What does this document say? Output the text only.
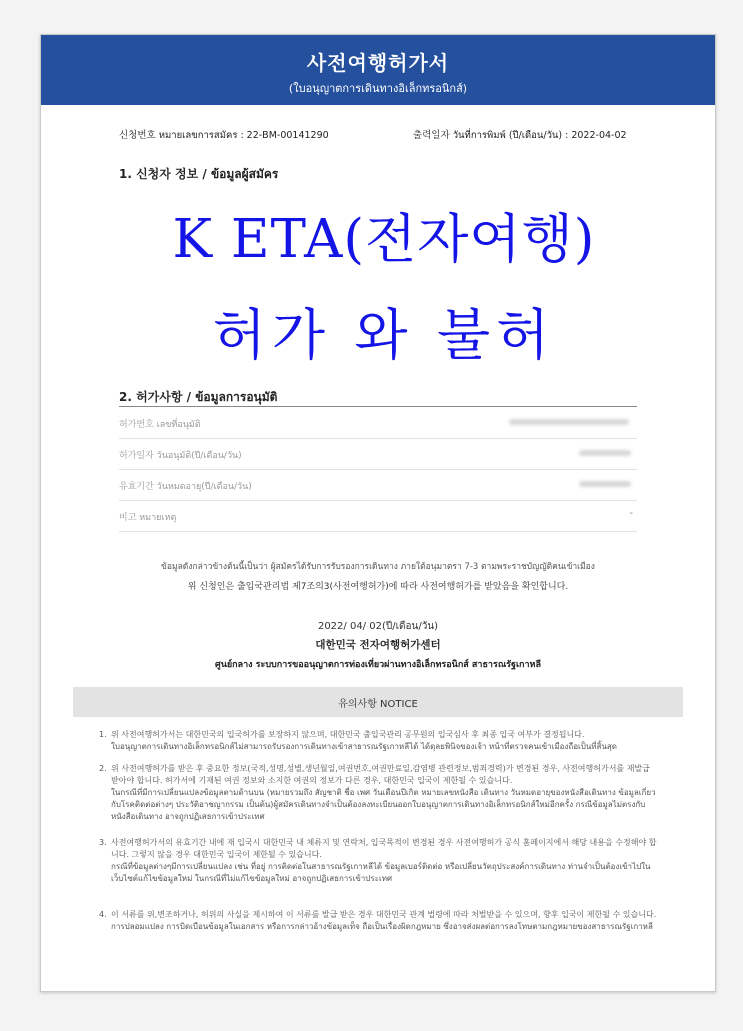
사전여행허가서
(ใบอนุญาตการเดินทางอิเล็กทรอนิกส์)
신청번호 หมายเลขการสมัคร : 22-BM-00141290	출력일자 วันที่การพิมพ์ (ปี/เดือน/วัน) : 2022-04-02
1. 신청자 정보 / ข้อมูลผู้สมัคร
2. 허가사항 / ข้อมูลการอนุมัติ
허가번호 เลขที่อนุมัติ
허가일자 วันอนุมัติ(ปี/เดือน/วัน)
유효기간 วันหมดอายุ(ปี/เดือน/วัน)
비고 หมายเหตุ	-
ข้อมูลดังกล่าวข้างต้นนี้เป็นว่า ผู้สมัครได้รับการรับรองการเดินทาง ภายใต้อนุมาตรา 7-3 ตามพระราชบัญญัติคนเข้าเมือง
위 신청인은 출입국관리법 제7조의3(사전여행허가)에 따라 사전여행허가를 받았음을 확인합니다.
2022/ 04/ 02(ปี/เดือน/วัน)
대한민국 전자여행허가센터
ศูนย์กลาง ระบบการขออนุญาตการท่องเที่ยวผ่านทางอิเล็กทรอนิกส์ สาธารณรัฐเกาหลี
유의사항 NOTICE
1. 위 사전여행허가서는 대한민국의 입국허가를 보장하지 않으며, 대한민국 출입국관리 공무원의 입국심사 후 최종 입국 여부가 결정됩니다.
ใบอนุญาตการเดินทางอิเล็กทรอนิกส์ไม่สามารถรับรองการเดินทางเข้าสาธารณรัฐเกาหลีได้ ได้ดุลยพินิจของเจ้า หน้าที่ตรวจคนเข้าเมืองถือเป็นที่สิ้นสุด
2. 위 사전여행허가를 받은 후 중요한 정보(국적,성명,성별,생년월일,여권번호,여권만료일,감염병 관련정보,범죄경력)가 변경된 경우, 사전여행허가서를 재발급 받아야 합니다. 허가서에 기재된 여권 정보와 소지한 여권의 정보가 다른 경우, 대한민국 입국이 제한될 수 있습니다.
ในกรณีที่มีการเปลี่ยนแปลงข้อมูลตามด้านบน (หมายรวมถึง สัญชาติ ชื่อ เพศ วันเดือนปีเกิด หมายเลขหนังสือ เดินทาง วันหมดอายุของหนังสือเดินทาง ข้อมูลเกี่ยวกับโรคติดต่อต่างๆ ประวัติอาชญากรรม เป็นต้น)ผู้สมัครเดินทางจำเป็นต้องลงทะเบียนออกใบอนุญาตการเดินทางอิเล็กทรอนิกส์ใหม่อีกครั้ง กรณีข้อมูลไม่ตรงกับหนังสือเดินทาง อาจถูกปฏิเสธการเข้าประเทศ
3. 사전여행허가서의 유효기간 내에 재 입국시 대한민국 내 체류지 및 연락처, 입국목적이 변경된 경우 사전여행허가 공식 홈페이지에서 해당 내용을 수정해야 합니다. 그렇지 않을 경우 대한민국 입국이 제한될 수 있습니다.
กรณีที่ข้อมูลต่างๆมีการเปลี่ยนแปลง เช่น ที่อยู่ การติดต่อในสาธารณรัฐเกาหลีได้ ข้อมูลเบอร์ติดต่อ หรือเปลี่ยนวัตถุประสงค์การเดินทาง ท่านจำเป็นต้องเข้าไปในเว็บไซต์แก้ไขข้อมูลใหม่ ในกรณีที่ไม่แก้ไขข้อมูลใหม่ อาจถูกปฏิเสธการเข้าประเทศ
4. 이 서류를 위,변조하거나, 허위의 사실을 제시하여 이 서류를 발급 받은 경우 대한민국 관계 법령에 따라 처벌받을 수 있으며, 향후 입국이 제한될 수 있습니다.
การปลอมแปลง การบิดเบือนข้อมูลในเอกสาร หรือการกล่าวอ้างข้อมูลเท็จ ถือเป็นเรื่องผิดกฎหมาย ซึ่งอาจส่งผลต่อการลงโทษตามกฎหมายของสาธารณรัฐเกาหลี
K ETA(전자여행)
허가 와 불허
